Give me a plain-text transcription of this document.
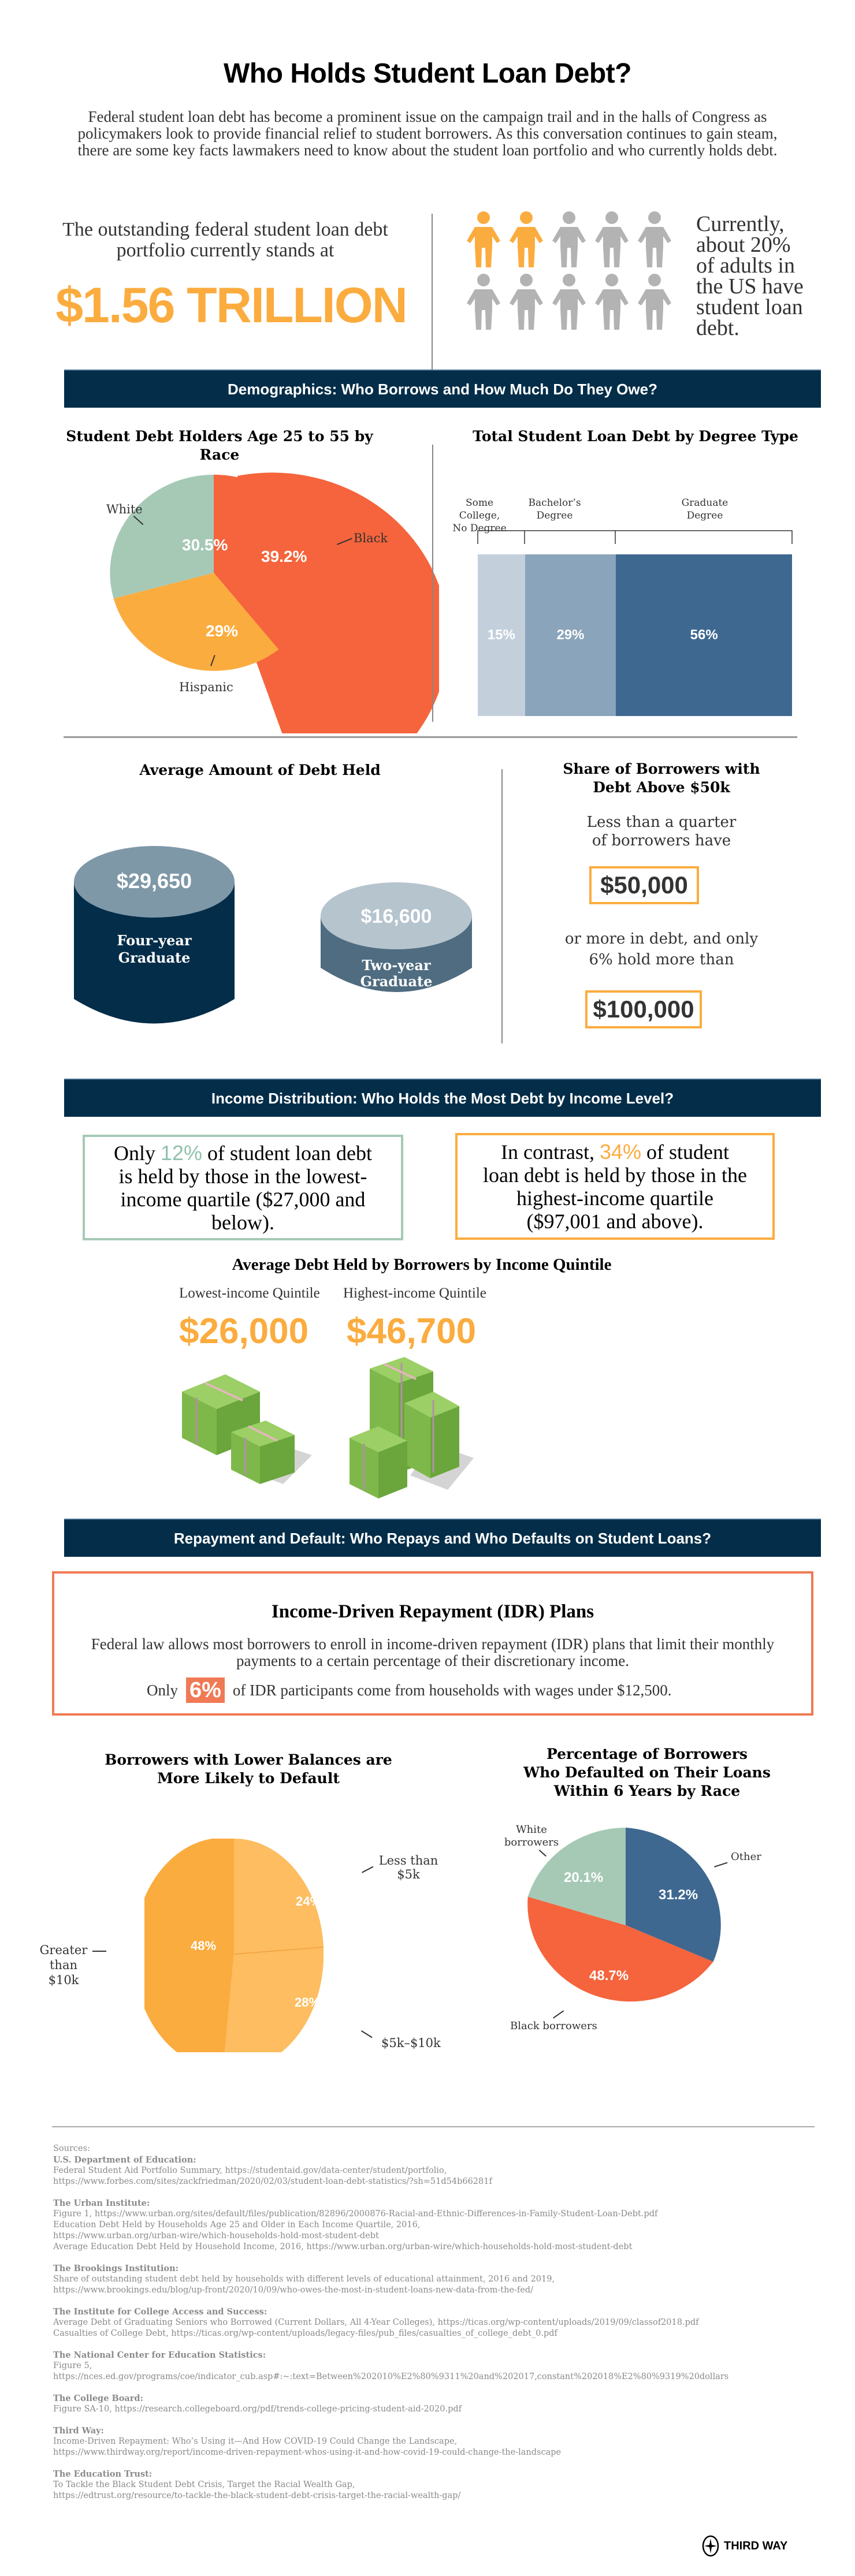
Who Holds Student Loan Debt?

Federal student loan debt has become a prominent issue on the campaign trail and in the halls of Congress as policymakers look to provide financial relief to student borrowers. As this conversation continues to gain steam, there are some key facts lawmakers need to know about the student loan portfolio and who currently holds debt.

The outstanding federal student loan debt portfolio currently stands at
$1.56 TRILLION
Currently, about 20% of adults in the US have student loan debt.
Demographics: Who Borrows and How Much Do They Owe?
Student Debt Holders Age 25 to 55 by Race
30.5%
39.2%
29%
White
Black
Hispanic
Total Student Loan Debt by Degree Type
Some College,
No Degree
Bachelor’s
Degree
Graduate
Degree
15%	29%	56%
Average Amount of Debt Held
$29,650
Four-year
Graduate
$16,600
Two-year
Graduate
Share of Borrowers with
Debt Above $50k
Less than a quarter
of borrowers have
$50,000
or more in debt, and only
6% hold more than
$100,000
Income Distribution: Who Holds the Most Debt by Income Level?

Only 12% of student loan debt is held by those in the lowest-income quartile ($27,000 and below).

In contrast, 34% of student loan debt is held by those in the highest-income quartile ($97,001 and above).

Average Debt Held by Borrowers by Income Quintile
Lowest-income Quintile
$26,000
Highest-income Quintile
$46,700
Repayment and Default: Who Repays and Who Defaults on Student Loans?
Income-Driven Repayment (IDR) Plans
Federal law allows most borrowers to enroll in income-driven repayment (IDR) plans that limit their monthly payments to a certain percentage of their discretionary income.
Only 6% of IDR participants come from households with wages under $12,500.
Borrowers with Lower Balances are
More Likely to Default
24%
28%
48%
Less than
$5k
$5k–$10k
Greater than
$10k
Percentage of Borrowers
Who Defaulted on Their Loans
Within 6 Years by Race
20.1%
31.2%
48.7%
White
borrowers
Other
Black borrowers
Sources:
U.S. Department of Education:
Federal Student Aid Portfolio Summary, https://studentaid.gov/data-center/student/portfolio,
https://www.forbes.com/sites/zackfriedman/2020/02/03/student-loan-debt-statistics/?sh=51d54b66281f
The Urban Institute:
Figure 1, https://www.urban.org/sites/default/files/publication/82896/2000876-Racial-and-Ethnic-Differences-in-Family-Student-Loan-Debt.pdf
Education Debt Held by Households Age 25 and Older in Each Income Quartile, 2016,
https://www.urban.org/urban-wire/which-households-hold-most-student-debt
Average Education Debt Held by Household Income, 2016, https://www.urban.org/urban-wire/which-households-hold-most-student-debt
The Brookings Institution:
Share of outstanding student debt held by households with different levels of educational attainment, 2016 and 2019,
https://www.brookings.edu/blog/up-front/2020/10/09/who-owes-the-most-in-student-loans-new-data-from-the-fed/
The Institute for College Access and Success:
Average Debt of Graduating Seniors who Borrowed (Current Dollars, All 4-Year Colleges), https://ticas.org/wp-content/uploads/2019/09/classof2018.pdf
Casualties of College Debt, https://ticas.org/wp-content/uploads/legacy-files/pub_files/casualties_of_college_debt_0.pdf
The National Center for Education Statistics:
Figure 5,
https://nces.ed.gov/programs/coe/indicator_cub.asp#:~:text=Between%202010%E2%80%9311%20and%202017,constant%202018%E2%80%9319%20dollars
The College Board:
Figure SA-10, https://research.collegeboard.org/pdf/trends-college-pricing-student-aid-2020.pdf
Third Way:
Income-Driven Repayment: Who’s Using it—And How COVID-19 Could Change the Landscape,
https://www.thirdway.org/report/income-driven-repayment-whos-using-it-and-how-covid-19-could-change-the-landscape
The Education Trust:
To Tackle the Black Student Debt Crisis, Target the Racial Wealth Gap,
https://edtrust.org/resource/to-tackle-the-black-student-debt-crisis-target-the-racial-wealth-gap/
THIRD WAY
